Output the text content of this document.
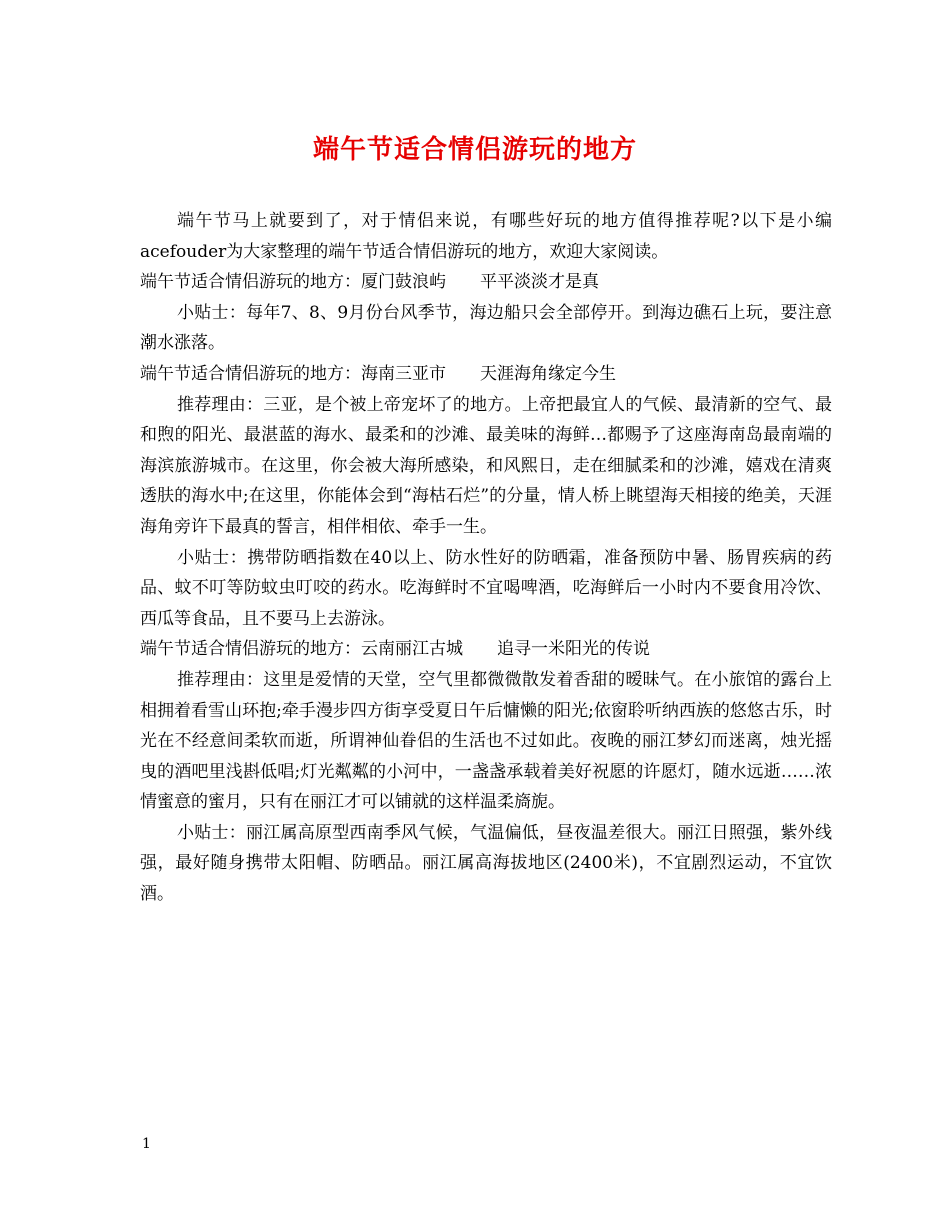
端午节适合情侣游玩的地方

端午节马上就要到了，对于情侣来说，有哪些好玩的地方值得推荐呢?以下是小编acefouder为大家整理的端午节适合情侣游玩的地方，欢迎大家阅读。

端午节适合情侣游玩的地方：厦门鼓浪屿　　平平淡淡才是真

小贴士：每年7、8、9月份台风季节，海边船只会全部停开。到海边礁石上玩，要注意潮水涨落。

端午节适合情侣游玩的地方：海南三亚市　　天涯海角缘定今生

推荐理由：三亚，是个被上帝宠坏了的地方。上帝把最宜人的气候、最清新的空气、最和煦的阳光、最湛蓝的海水、最柔和的沙滩、最美味的海鲜…都赐予了这座海南岛最南端的海滨旅游城市。在这里，你会被大海所感染，和风熙日，走在细腻柔和的沙滩，嬉戏在清爽透肤的海水中;在这里，你能体会到“海枯石烂”的分量，情人桥上眺望海天相接的绝美，天涯海角旁许下最真的誓言，相伴相依、牵手一生。

小贴士：携带防晒指数在40以上、防水性好的防晒霜，准备预防中暑、肠胃疾病的药品、蚊不叮等防蚊虫叮咬的药水。吃海鲜时不宜喝啤酒，吃海鲜后一小时内不要食用冷饮、西瓜等食品，且不要马上去游泳。

端午节适合情侣游玩的地方：云南丽江古城　　追寻一米阳光的传说

推荐理由：这里是爱情的天堂，空气里都微微散发着香甜的暧昧气。在小旅馆的露台上相拥着看雪山环抱;牵手漫步四方街享受夏日午后慵懒的阳光;依窗聆听纳西族的悠悠古乐，时光在不经意间柔软而逝，所谓神仙眷侣的生活也不过如此。夜晚的丽江梦幻而迷离，烛光摇曳的酒吧里浅斟低唱;灯光粼粼的小河中，一盏盏承载着美好祝愿的许愿灯，随水远逝……浓情蜜意的蜜月，只有在丽江才可以铺就的这样温柔旖旎。

小贴士：丽江属高原型西南季风气候，气温偏低，昼夜温差很大。丽江日照强，紫外线强，最好随身携带太阳帽、防晒品。丽江属高海拔地区(2400米)，不宜剧烈运动，不宜饮酒。

1
